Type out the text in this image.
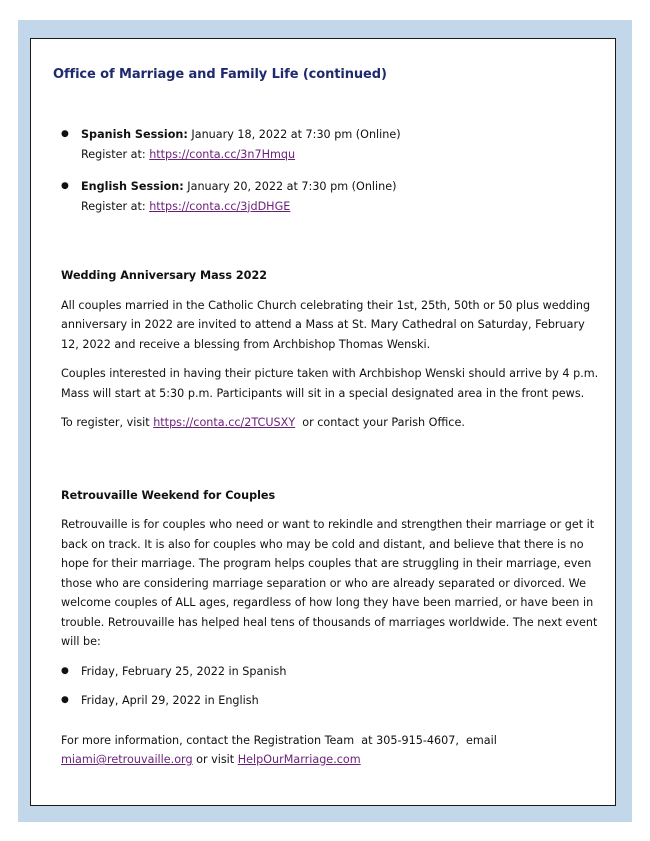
Office of Marriage and Family Life (continued)
● Spanish Session: January 18, 2022 at 7:30 pm (Online)
Register at: https://conta.cc/3n7Hmqu
● English Session: January 20, 2022 at 7:30 pm (Online)
Register at: https://conta.cc/3jdDHGE
Wedding Anniversary Mass 2022

All couples married in the Catholic Church celebrating their 1st, 25th, 50th or 50 plus wedding anniversary in 2022 are invited to attend a Mass at St. Mary Cathedral on Saturday, February 12, 2022 and receive a blessing from Archbishop Thomas Wenski.

Couples interested in having their picture taken with Archbishop Wenski should arrive by 4 p.m. Mass will start at 5:30 p.m. Participants will sit in a special designated area in the front pews.

To register, visit https://conta.cc/2TCUSXY  or contact your Parish Office.

Retrouvaille Weekend for Couples

Retrouvaille is for couples who need or want to rekindle and strengthen their marriage or get it back on track. It is also for couples who may be cold and distant, and believe that there is no hope for their marriage. The program helps couples that are struggling in their marriage, even those who are considering marriage separation or who are already separated or divorced. We welcome couples of ALL ages, regardless of how long they have been married, or have been in trouble. Retrouvaille has helped heal tens of thousands of marriages worldwide. The next event will be:

● Friday, February 25, 2022 in Spanish
● Friday, April 29, 2022 in English
For more information, contact the Registration Team  at 305-915-4607,  email
miami@retrouvaille.org or visit HelpOurMarriage.com
